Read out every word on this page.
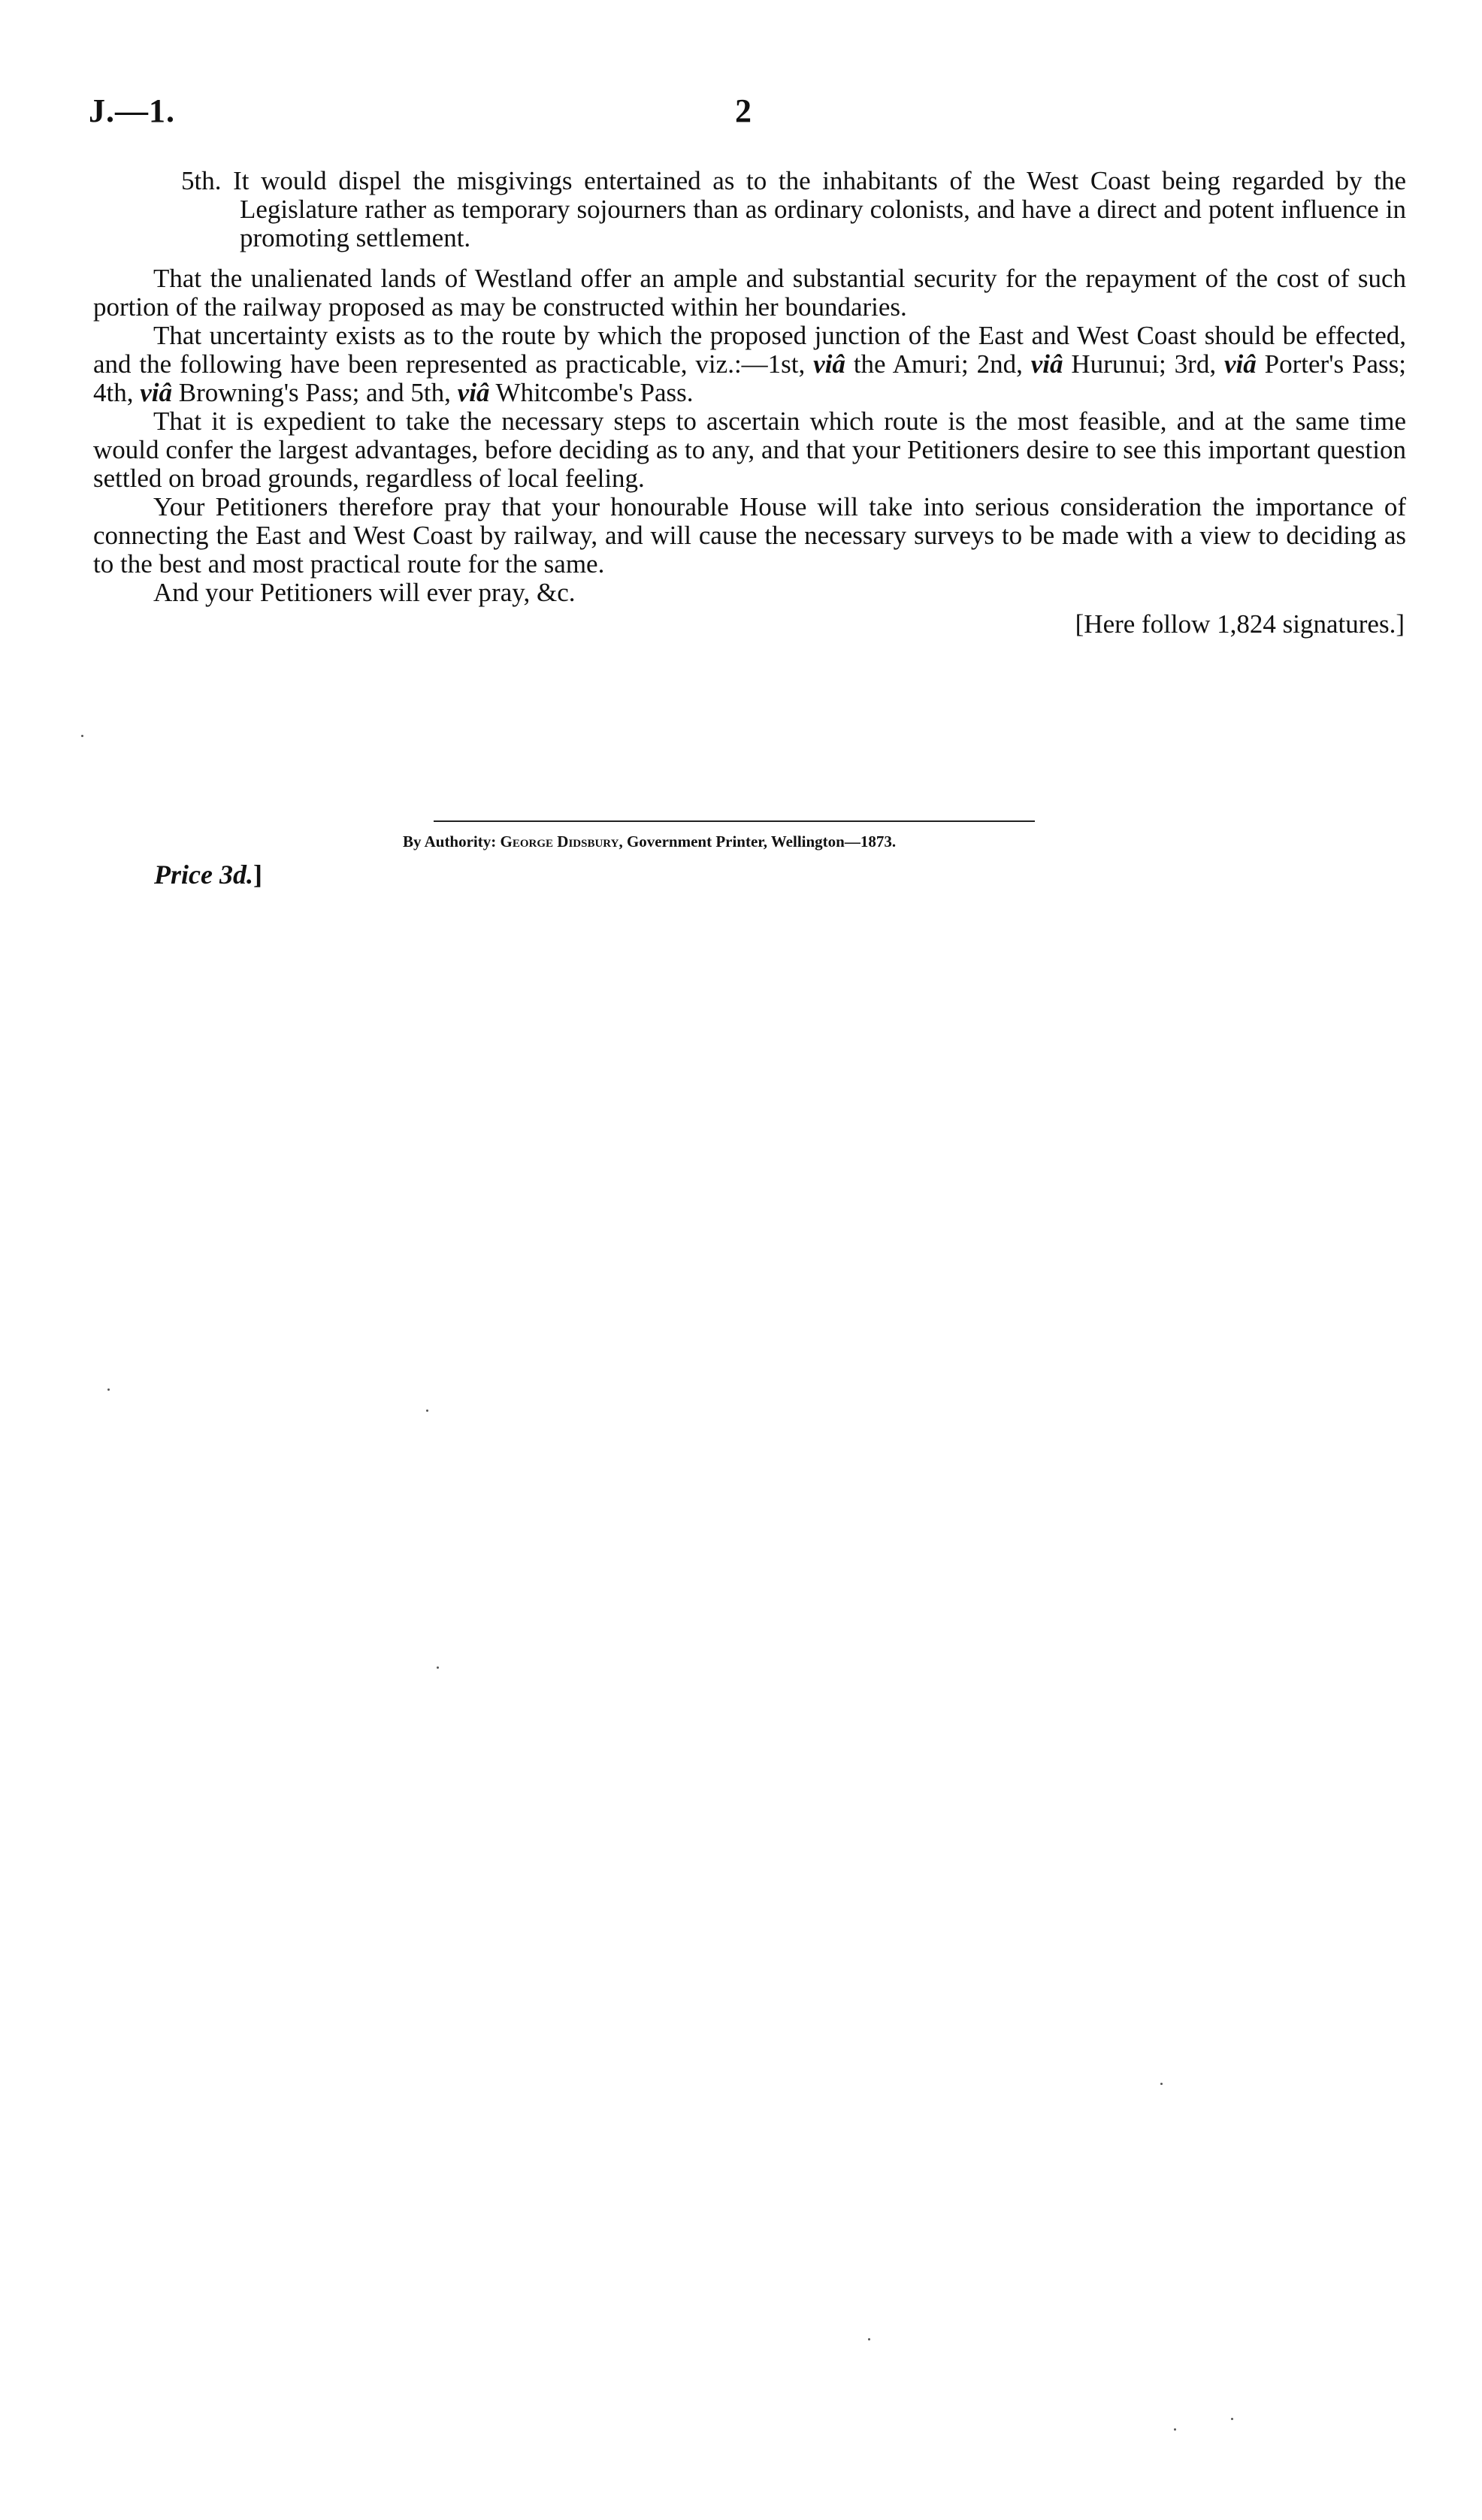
J.—1.	2

5th. It would dispel the misgivings entertained as to the inhabitants of the West Coast being regarded by the Legislature rather as temporary sojourners than as ordinary colonists, and have a direct and potent influence in promoting settlement.

That the unalienated lands of Westland offer an ample and substantial security for the repayment of the cost of such portion of the railway proposed as may be constructed within her boundaries.

That uncertainty exists as to the route by which the proposed junction of the East and West Coast should be effected, and the following have been represented as practicable, viz.:—1st, viâ the Amuri; 2nd, viâ Hurunui; 3rd, viâ Porter's Pass; 4th, viâ Browning's Pass; and 5th, viâ Whitcombe's Pass.

That it is expedient to take the necessary steps to ascertain which route is the most feasible, and at the same time would confer the largest advantages, before deciding as to any, and that your Petitioners desire to see this important question settled on broad grounds, regardless of local feeling.

Your Petitioners therefore pray that your honourable House will take into serious consideration the importance of connecting the East and West Coast by railway, and will cause the necessary surveys to be made with a view to deciding as to the best and most practical route for the same.

And your Petitioners will ever pray, &c.

[Here follow 1,824 signatures.]

By Authority: George Didsbury, Government Printer, Wellington—1873.
Price 3d.]
